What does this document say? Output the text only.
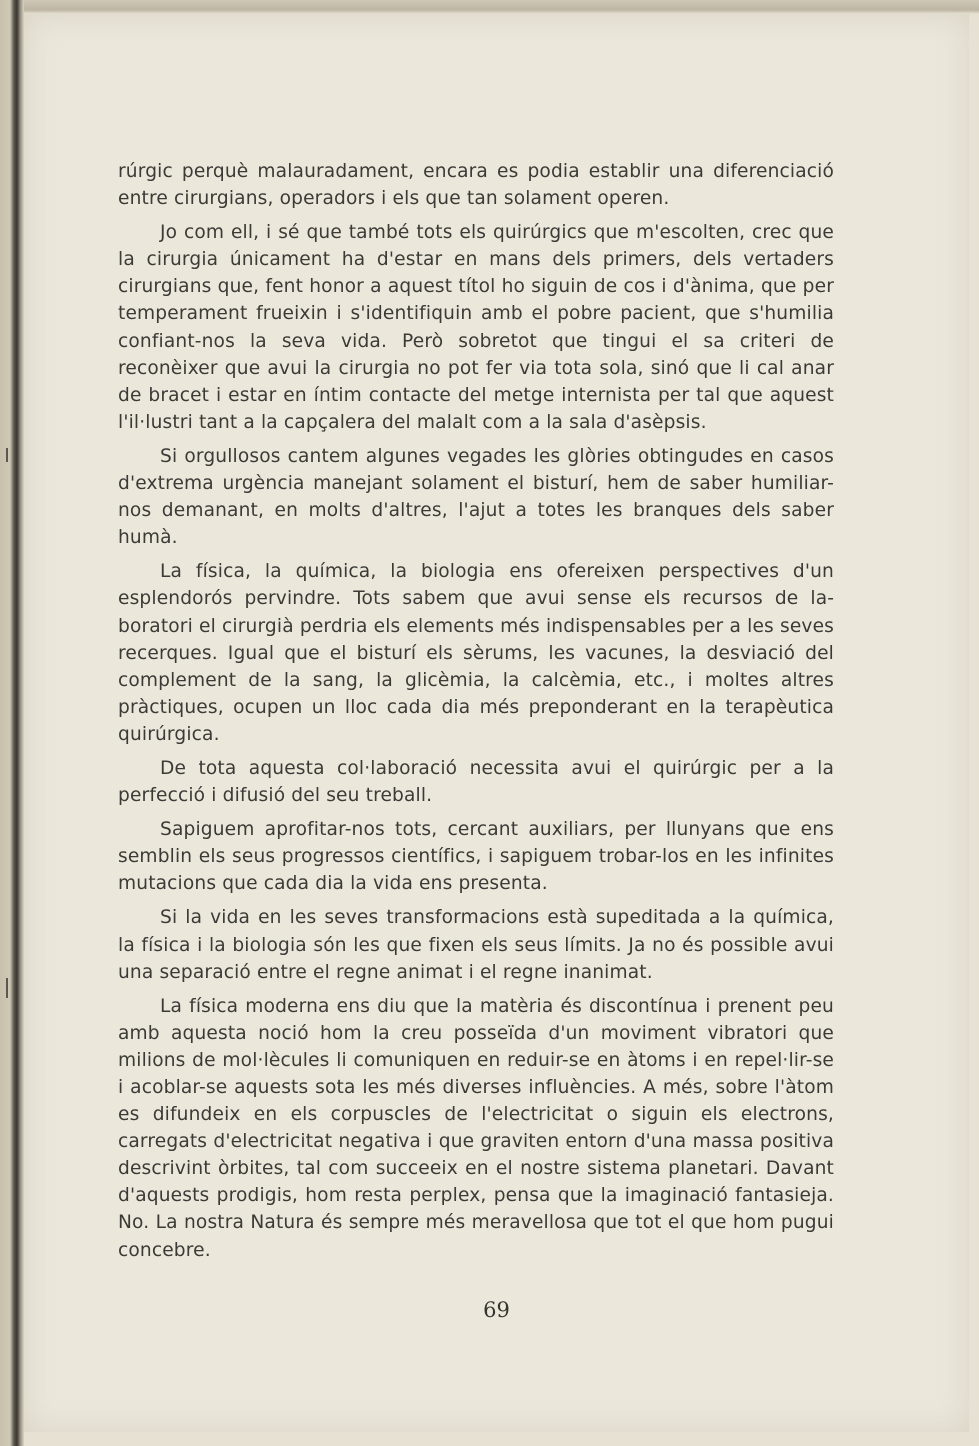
rúrgic perquè malauradament, encara es podia establir una diferenciació entre cirurgians, operadors i els que tan solament operen.

Jo com ell, i sé que també tots els quirúrgics que m'escolten, crec que la cirurgia únicament ha d'estar en mans dels primers, dels vertaders cirurgians que, fent honor a aquest títol ho siguin de cos i d'ànima, que per temperament frueixin i s'identifiquin amb el pobre pacient, que s'humilia confiant-nos la seva vida. Però sobretot que tingui el sa criteri de reconèixer que avui la cirurgia no pot fer via tota sola, sinó que li cal anar de bracet i estar en íntim contacte del metge internista per tal que aquest l'il·lustri tant a la capçalera del malalt com a la sala d'asèpsis.

Si orgullosos cantem algunes vegades les glòries obtingudes en casos d'extrema urgència manejant solament el bisturí, hem de saber humiliar-nos demanant, en molts d'altres, l'ajut a totes les branques dels saber humà.

La física, la química, la biologia ens ofereixen perspectives d'un esplendorós pervindre. Tots sabem que avui sense els recursos de laboratori el cirurgià perdria els elements més indispensables per a les seves recerques. Igual que el bisturí els sèrums, les vacunes, la desviació del complement de la sang, la glicèmia, la calcèmia, etc., i moltes altres pràctiques, ocupen un lloc cada dia més preponderant en la terapèutica quirúrgica.

De tota aquesta col·laboració necessita avui el quirúrgic per a la perfecció i difusió del seu treball.

Sapiguem aprofitar-nos tots, cercant auxiliars, per llunyans que ens semblin els seus progressos científics, i sapiguem trobar-los en les infinites mutacions que cada dia la vida ens presenta.

Si la vida en les seves transformacions està supeditada a la química, la física i la biologia són les que fixen els seus límits. Ja no és possible avui una separació entre el regne animat i el regne inanimat.

La física moderna ens diu que la matèria és discontínua i prenent peu amb aquesta noció hom la creu posseïda d'un moviment vibratori que milions de mol·lècules li comuniquen en reduir-se en àtoms i en repel·lir-se i acoblar-se aquests sota les més diverses influències. A més, sobre l'àtom es difundeix en els corpuscles de l'electricitat o siguin els electrons, carregats d'electricitat negativa i que graviten entorn d'una massa positiva descrivint òrbites, tal com succeeix en el nostre sistema planetari. Davant d'aquests prodigis, hom resta perplex, pensa que la imaginació fantasieja. No. La nostra Natura és sempre més meravellosa que tot el que hom pugui concebre.

69
